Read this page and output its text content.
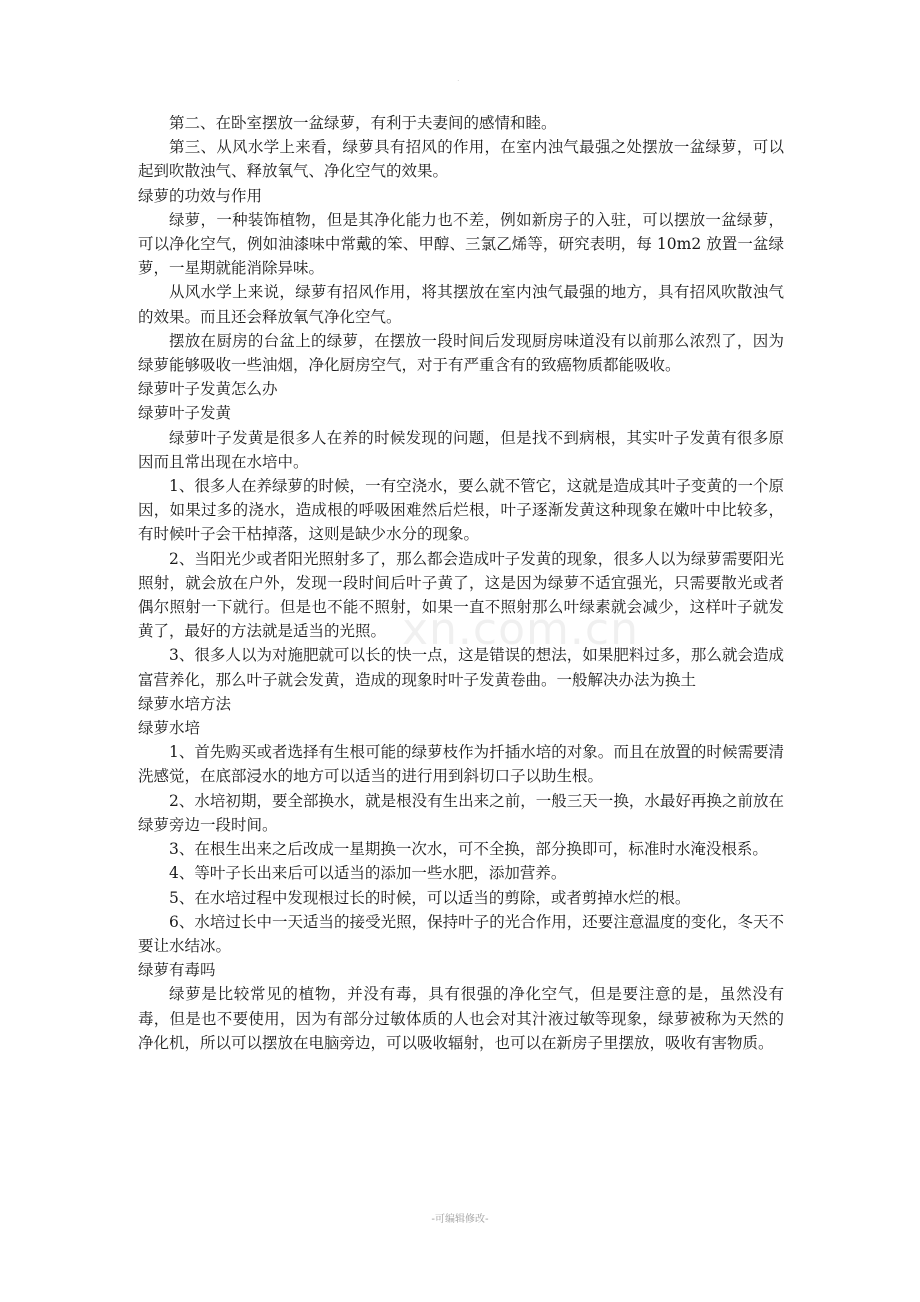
.

第二、在卧室摆放一盆绿萝，有利于夫妻间的感情和睦。

第三、从风水学上来看，绿萝具有招风的作用，在室内浊气最强之处摆放一盆绿萝，可以起到吹散浊气、释放氧气、净化空气的效果。

绿萝的功效与作用

绿萝，一种装饰植物，但是其净化能力也不差，例如新房子的入驻，可以摆放一盆绿萝，可以净化空气，例如油漆味中常戴的笨、甲醇、三氯乙烯等，研究表明，每 10m2 放置一盆绿萝，一星期就能消除异味。

从风水学上来说，绿萝有招风作用，将其摆放在室内浊气最强的地方，具有招风吹散浊气的效果。而且还会释放氧气净化空气。

摆放在厨房的台盆上的绿萝，在摆放一段时间后发现厨房味道没有以前那么浓烈了，因为绿萝能够吸收一些油烟，净化厨房空气，对于有严重含有的致癌物质都能吸收。

绿萝叶子发黄怎么办

绿萝叶子发黄

绿萝叶子发黄是很多人在养的时候发现的问题，但是找不到病根，其实叶子发黄有很多原因而且常出现在水培中。

1、很多人在养绿萝的时候，一有空浇水，要么就不管它，这就是造成其叶子变黄的一个原因，如果过多的浇水，造成根的呼吸困难然后烂根，叶子逐渐发黄这种现象在嫩叶中比较多，有时候叶子会干枯掉落，这则是缺少水分的现象。

2、当阳光少或者阳光照射多了，那么都会造成叶子发黄的现象，很多人以为绿萝需要阳光照射，就会放在户外，发现一段时间后叶子黄了，这是因为绿萝不适宜强光，只需要散光或者偶尔照射一下就行。但是也不能不照射，如果一直不照射那么叶绿素就会减少，这样叶子就发黄了，最好的方法就是适当的光照。

3、很多人以为对施肥就可以长的快一点，这是错误的想法，如果肥料过多，那么就会造成富营养化，那么叶子就会发黄，造成的现象时叶子发黄卷曲。一般解决办法为换土

绿萝水培方法

绿萝水培

1、首先购买或者选择有生根可能的绿萝枝作为扦插水培的对象。而且在放置的时候需要清洗感觉，在底部浸水的地方可以适当的进行用到斜切口子以助生根。

2、水培初期，要全部换水，就是根没有生出来之前，一般三天一换，水最好再换之前放在绿萝旁边一段时间。

3、在根生出来之后改成一星期换一次水，可不全换，部分换即可，标准时水淹没根系。

4、等叶子长出来后可以适当的添加一些水肥，添加营养。

5、在水培过程中发现根过长的时候，可以适当的剪除，或者剪掉水烂的根。

6、水培过长中一天适当的接受光照，保持叶子的光合作用，还要注意温度的变化，冬天不要让水结冰。

绿萝有毒吗

绿萝是比较常见的植物，并没有毒，具有很强的净化空气，但是要注意的是，虽然没有毒，但是也不要使用，因为有部分过敏体质的人也会对其汁液过敏等现象，绿萝被称为天然的净化机，所以可以摆放在电脑旁边，可以吸收辐射，也可以在新房子里摆放，吸收有害物质。

xn.com.cn
-可编辑修改-
